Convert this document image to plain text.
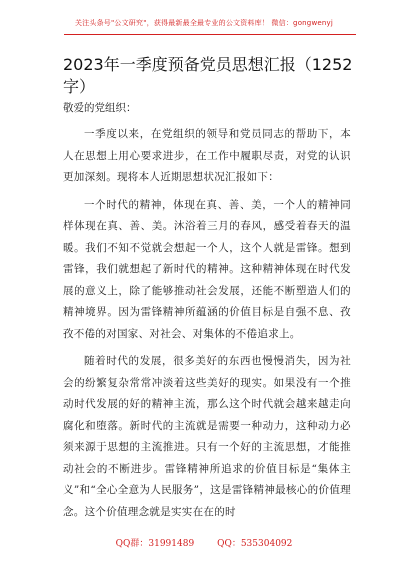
关注头条号"公文研究"，获得最新最全最专业的公文资料库！ 微信：gongwenyj
2023年一季度预备党员思想汇报（1252字）
敬爱的党组织：

一季度以来，在党组织的领导和党员同志的帮助下，本人在思想上用心要求进步，在工作中履职尽责，对党的认识更加深刻。现将本人近期思想状况汇报如下：

一个时代的精神，体现在真、善、美，一个人的精神同样体现在真、善、美。沐浴着三月的春风，感受着春天的温暖。我们不知不觉就会想起一个人，这个人就是雷锋。想到雷锋，我们就想起了新时代的精神。这种精神体现在时代发展的意义上，除了能够推动社会发展，还能不断塑造人们的精神境界。因为雷锋精神所蕴涵的价值目标是自强不息、孜孜不倦的对国家、对社会、对集体的不倦追求上。

随着时代的发展，很多美好的东西也慢慢消失，因为社会的纷繁复杂常常冲淡着这些美好的现实。如果没有一个推动时代发展的好的精神主流，那么这个时代就会越来越走向腐化和堕落。新时代的主流就是需要一种动力，这种动力必须来源于思想的主流推进。只有一个好的主流思想，才能推动社会的不断进步。雷锋精神所追求的价值目标是“集体主义”和“全心全意为人民服务”，这是雷锋精神最核心的价值理念。这个价值理念就是实实在在的时

QQ群：31991489	QQ：535304092
